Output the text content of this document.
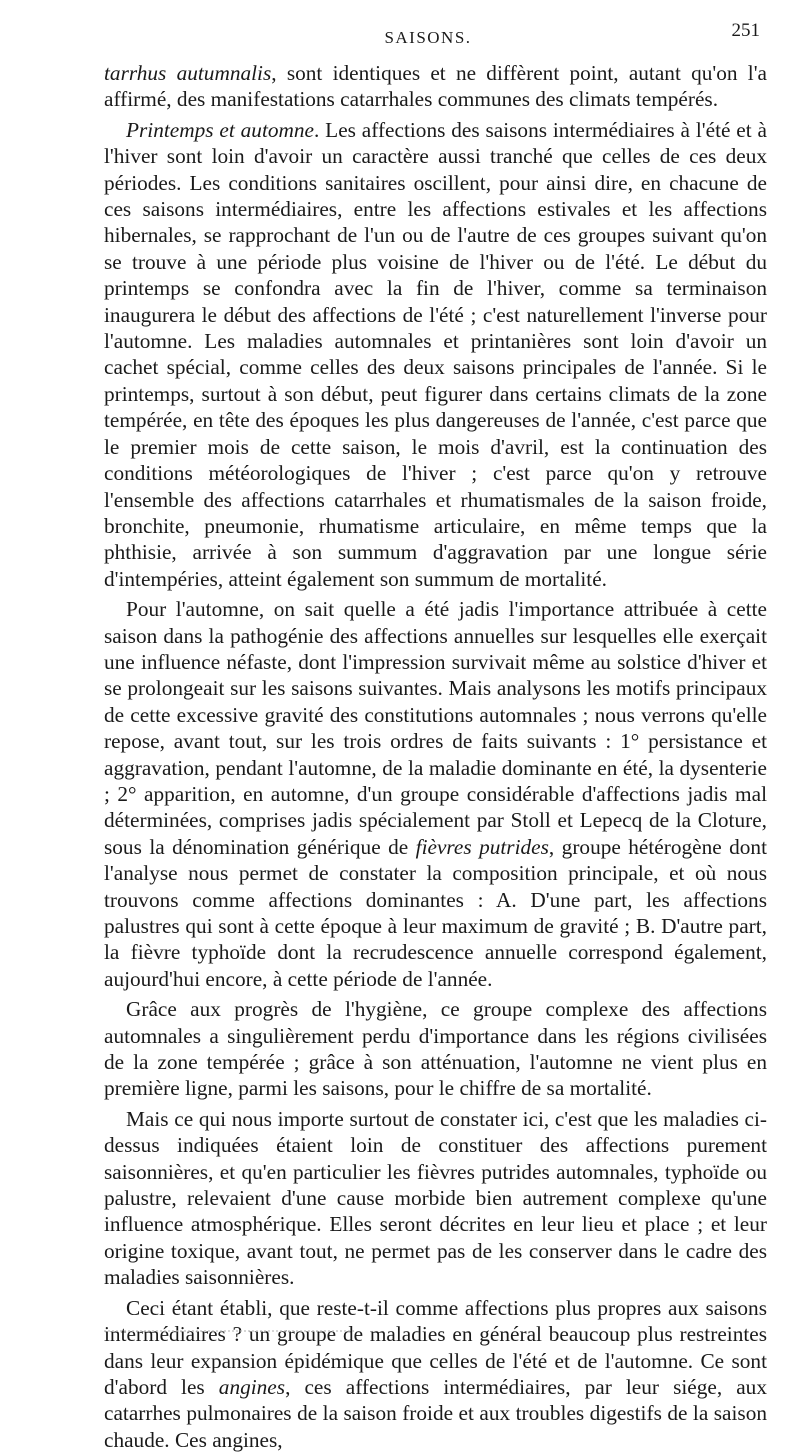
SAISONS.	251

tarrhus autumnalis, sont identiques et ne diffèrent point, autant qu'on l'a affirmé, des manifestations catarrhales communes des climats tempérés.

Printemps et automne. Les affections des saisons intermédiaires à l'été et à l'hiver sont loin d'avoir un caractère aussi tranché que celles de ces deux périodes. Les conditions sanitaires oscillent, pour ainsi dire, en chacune de ces saisons intermédiaires, entre les affections estivales et les affections hibernales, se rapprochant de l'un ou de l'autre de ces groupes suivant qu'on se trouve à une période plus voisine de l'hiver ou de l'été. Le début du printemps se confondra avec la fin de l'hiver, comme sa terminaison inaugurera le début des affections de l'été ; c'est naturellement l'inverse pour l'automne. Les maladies automnales et printanières sont loin d'avoir un cachet spécial, comme celles des deux saisons principales de l'année. Si le printemps, surtout à son début, peut figurer dans certains climats de la zone tempérée, en tête des époques les plus dangereuses de l'année, c'est parce que le premier mois de cette saison, le mois d'avril, est la continuation des conditions météorologiques de l'hiver ; c'est parce qu'on y retrouve l'ensemble des affections catarrhales et rhumatismales de la saison froide, bronchite, pneumonie, rhumatisme articulaire, en même temps que la phthisie, arrivée à son summum d'aggravation par une longue série d'intempéries, atteint également son summum de mortalité.

Pour l'automne, on sait quelle a été jadis l'importance attribuée à cette saison dans la pathogénie des affections annuelles sur lesquelles elle exerçait une influence néfaste, dont l'impression survivait même au solstice d'hiver et se prolongeait sur les saisons suivantes. Mais analysons les motifs principaux de cette excessive gravité des constitutions automnales ; nous verrons qu'elle repose, avant tout, sur les trois ordres de faits suivants : 1° persistance et aggravation, pendant l'automne, de la maladie dominante en été, la dysenterie ; 2° apparition, en automne, d'un groupe considérable d'affections jadis mal déterminées, comprises jadis spécialement par Stoll et Lepecq de la Cloture, sous la dénomination générique de fièvres putrides, groupe hétérogène dont l'analyse nous permet de constater la composition principale, et où nous trouvons comme affections dominantes : A. D'une part, les affections palustres qui sont à cette époque à leur maximum de gravité ; B. D'autre part, la fièvre typhoïde dont la recrudescence annuelle correspond également, aujourd'hui encore, à cette période de l'année.

Grâce aux progrès de l'hygiène, ce groupe complexe des affections automnales a singulièrement perdu d'importance dans les régions civilisées de la zone tempérée ; grâce à son atténuation, l'automne ne vient plus en première ligne, parmi les saisons, pour le chiffre de sa mortalité.

Mais ce qui nous importe surtout de constater ici, c'est que les maladies ci-dessus indiquées étaient loin de constituer des affections purement saisonnières, et qu'en particulier les fièvres putrides automnales, typhoïde ou palustre, relevaient d'une cause morbide bien autrement complexe qu'une influence atmosphérique. Elles seront décrites en leur lieu et place ; et leur origine toxique, avant tout, ne permet pas de les conserver dans le cadre des maladies saisonnières.

Ceci étant établi, que reste-t-il comme affections plus propres aux saisons intermédiaires ? un groupe de maladies en général beaucoup plus restreintes dans leur expansion épidémique que celles de l'été et de l'automne. Ce sont d'abord les angines, ces affections intermédiaires, par leur siége, aux catarrhes pulmonaires de la saison froide et aux troubles digestifs de la saison chaude. Ces angines,
